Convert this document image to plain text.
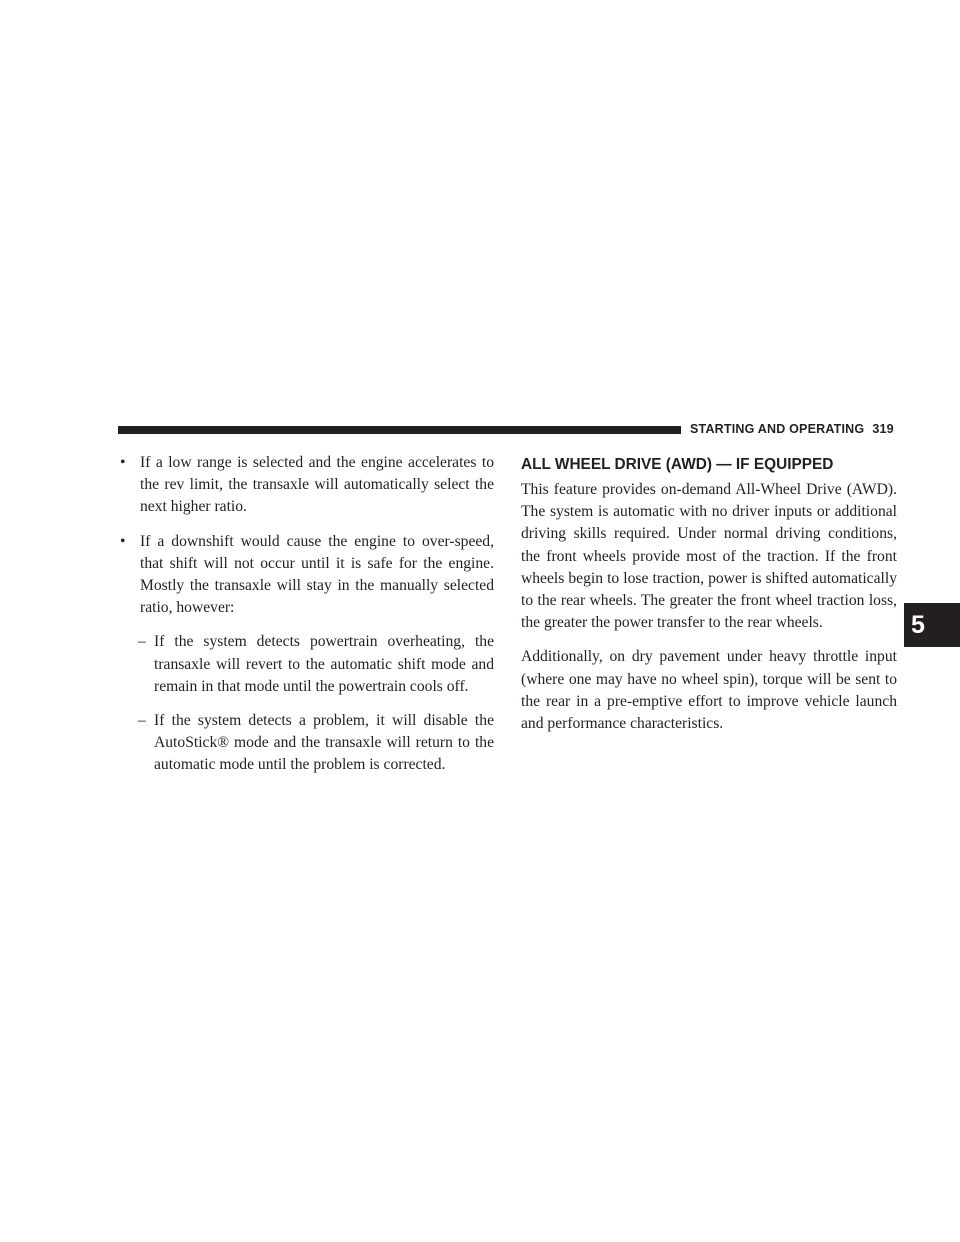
STARTING AND OPERATING 319
• If a low range is selected and the engine accelerates to the rev limit, the transaxle will automatically select the next higher ratio.
• If a downshift would cause the engine to over-speed, that shift will not occur until it is safe for the engine. Mostly the transaxle will stay in the manually selected ratio, however:
– If the system detects powertrain overheating, the transaxle will revert to the automatic shift mode and remain in that mode until the powertrain cools off.
– If the system detects a problem, it will disable the AutoStick® mode and the transaxle will return to the automatic mode until the problem is corrected.
ALL WHEEL DRIVE (AWD) — IF EQUIPPED

This feature provides on-demand All-Wheel Drive (AWD). The system is automatic with no driver inputs or additional driving skills required. Under normal driving conditions, the front wheels provide most of the traction. If the front wheels begin to lose traction, power is shifted automatically to the rear wheels. The greater the front wheel traction loss, the greater the power transfer to the rear wheels.

Additionally, on dry pavement under heavy throttle input (where one may have no wheel spin), torque will be sent to the rear in a pre-emptive effort to improve vehicle launch and performance characteristics.

5
